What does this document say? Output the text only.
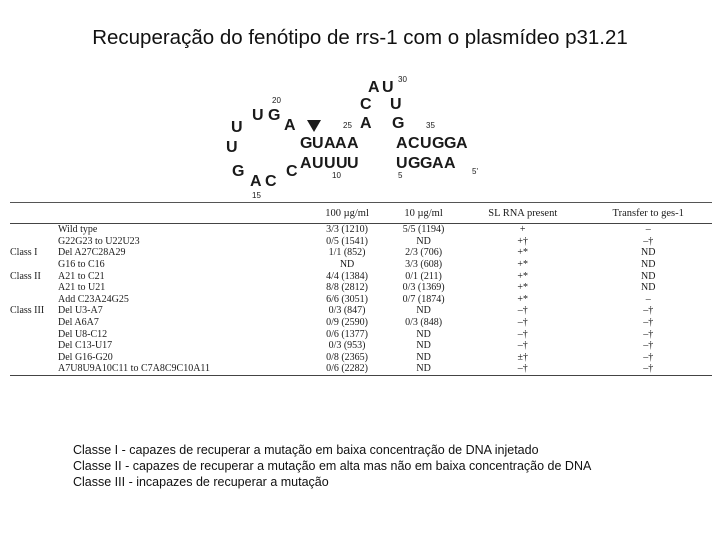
Recuperação do fenótipo de rrs-1 com o plasmídeo p31.21
A U 30
C U
20
A G
25	35
U G
A
U
U
G
G U A A A A C U G G A
A C
C A U U U U U G G A A
10	5	5'
15
		100 µg/ml	10 µg/ml	SL RNA present	Transfer to ges-1
	Wild type	3/3 (1210)	5/5 (1194)	+	–
	G22G23 to U22U23	0/5 (1541)	ND	+†	–†
Class I	Del A27C28A29	1/1 (852)	2/3 (706)	+*	ND
	G16 to C16	ND	3/3 (608)	+*	ND
Class II	A21 to C21	4/4 (1384)	0/1 (211)	+*	ND
	A21 to U21	8/8 (2812)	0/3 (1369)	+*	ND
	Add C23A24G25	6/6 (3051)	0/7 (1874)	+*	–
Class III	Del U3-A7	0/3 (847)	ND	–†	–†
	Del A6A7	0/9 (2590)	0/3 (848)	–†	–†
	Del U8-C12	0/6 (1377)	ND	–†	–†
	Del C13-U17	0/3 (953)	ND	–†	–†
	Del G16-G20	0/8 (2365)	ND	±†	–†
	A7U8U9A10C11 to C7A8C9C10A11	0/6 (2282)	ND	–†	–†
Classe I - capazes de recuperar a mutação em baixa concentração de DNA injetado
Classe II - capazes de recuperar a mutação em alta mas não em baixa concentração de DNA
Classe III - incapazes de recuperar a mutação
